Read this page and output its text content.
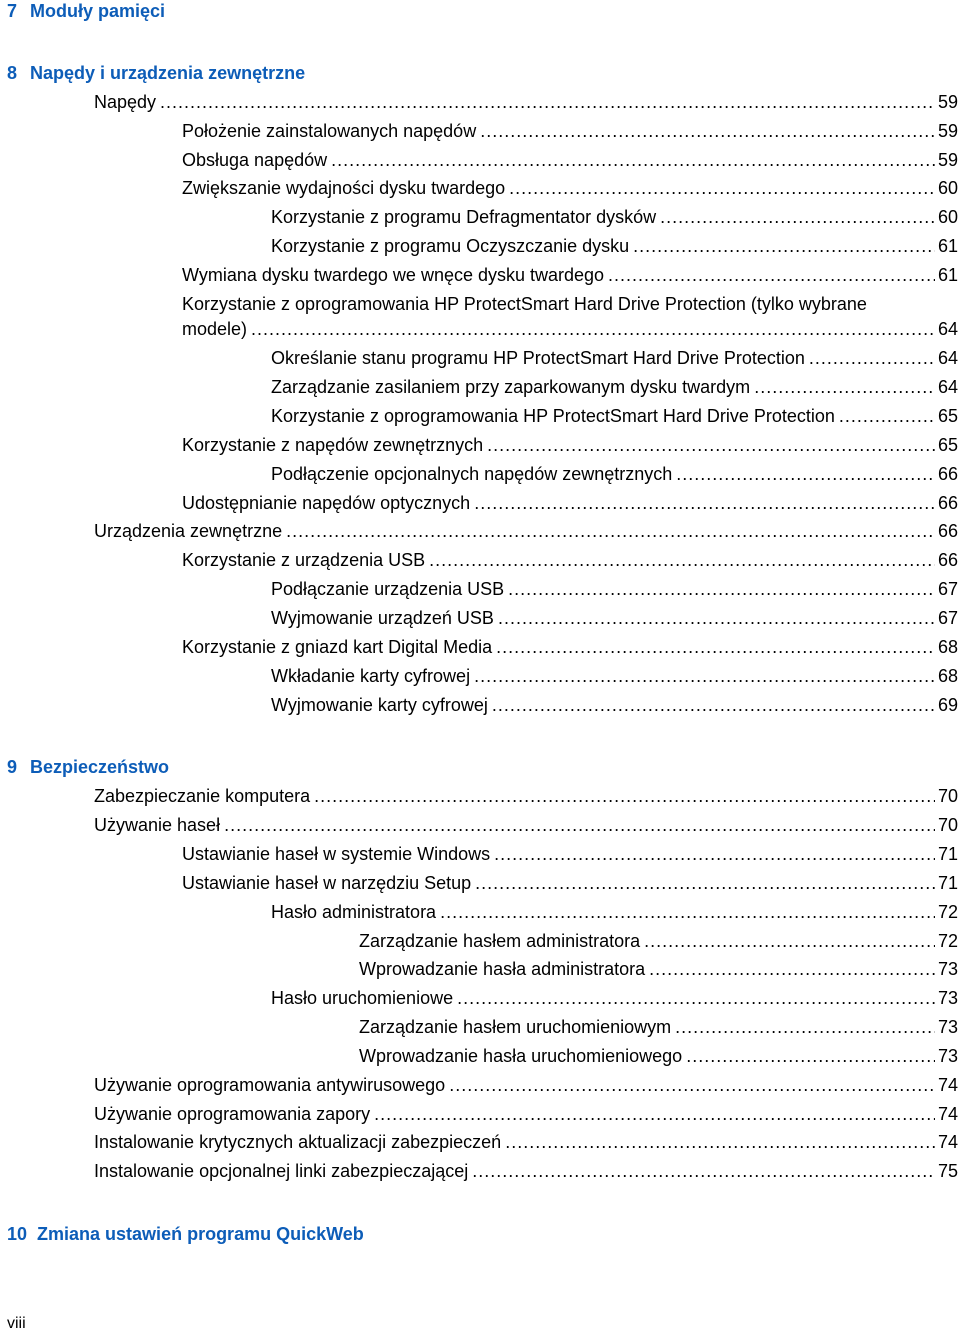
7 Moduły pamięci
8 Napędy i urządzenia zewnętrzne
9 Bezpieczeństwo
10 Zmiana ustawień programu QuickWeb
Napędy .....	59
Położenie zainstalowanych napędów .....	59
Obsługa napędów .....	59
Zwiększanie wydajności dysku twardego .....	60
Korzystanie z programu Defragmentator dysków .....	60
Korzystanie z programu Oczyszczanie dysku .....	61
Wymiana dysku twardego we wnęce dysku twardego .....	61
Korzystanie z oprogramowania HP ProtectSmart Hard Drive Protection (tylko wybrane
modele) .....	64
Określanie stanu programu HP ProtectSmart Hard Drive Protection .....	64
Zarządzanie zasilaniem przy zaparkowanym dysku twardym .....	64
Korzystanie z oprogramowania HP ProtectSmart Hard Drive Protection .....	65
Korzystanie z napędów zewnętrznych .....	65
Podłączenie opcjonalnych napędów zewnętrznych .....	66
Udostępnianie napędów optycznych .....	66
Urządzenia zewnętrzne .....	66
Korzystanie z urządzenia USB .....	66
Podłączanie urządzenia USB .....	67
Wyjmowanie urządzeń USB .....	67
Korzystanie z gniazd kart Digital Media .....	68
Wkładanie karty cyfrowej .....	68
Wyjmowanie karty cyfrowej .....	69
Zabezpieczanie komputera .....	70
Używanie haseł .....	70
Ustawianie haseł w systemie Windows .....	71
Ustawianie haseł w narzędziu Setup .....	71
Hasło administratora .....	72
Zarządzanie hasłem administratora .....	72
Wprowadzanie hasła administratora .....	73
Hasło uruchomieniowe .....	73
Zarządzanie hasłem uruchomieniowym .....	73
Wprowadzanie hasła uruchomieniowego .....	73
Używanie oprogramowania antywirusowego .....	74
Używanie oprogramowania zapory .....	74
Instalowanie krytycznych aktualizacji zabezpieczeń .....	74
Instalowanie opcjonalnej linki zabezpieczającej .....	75
viii
